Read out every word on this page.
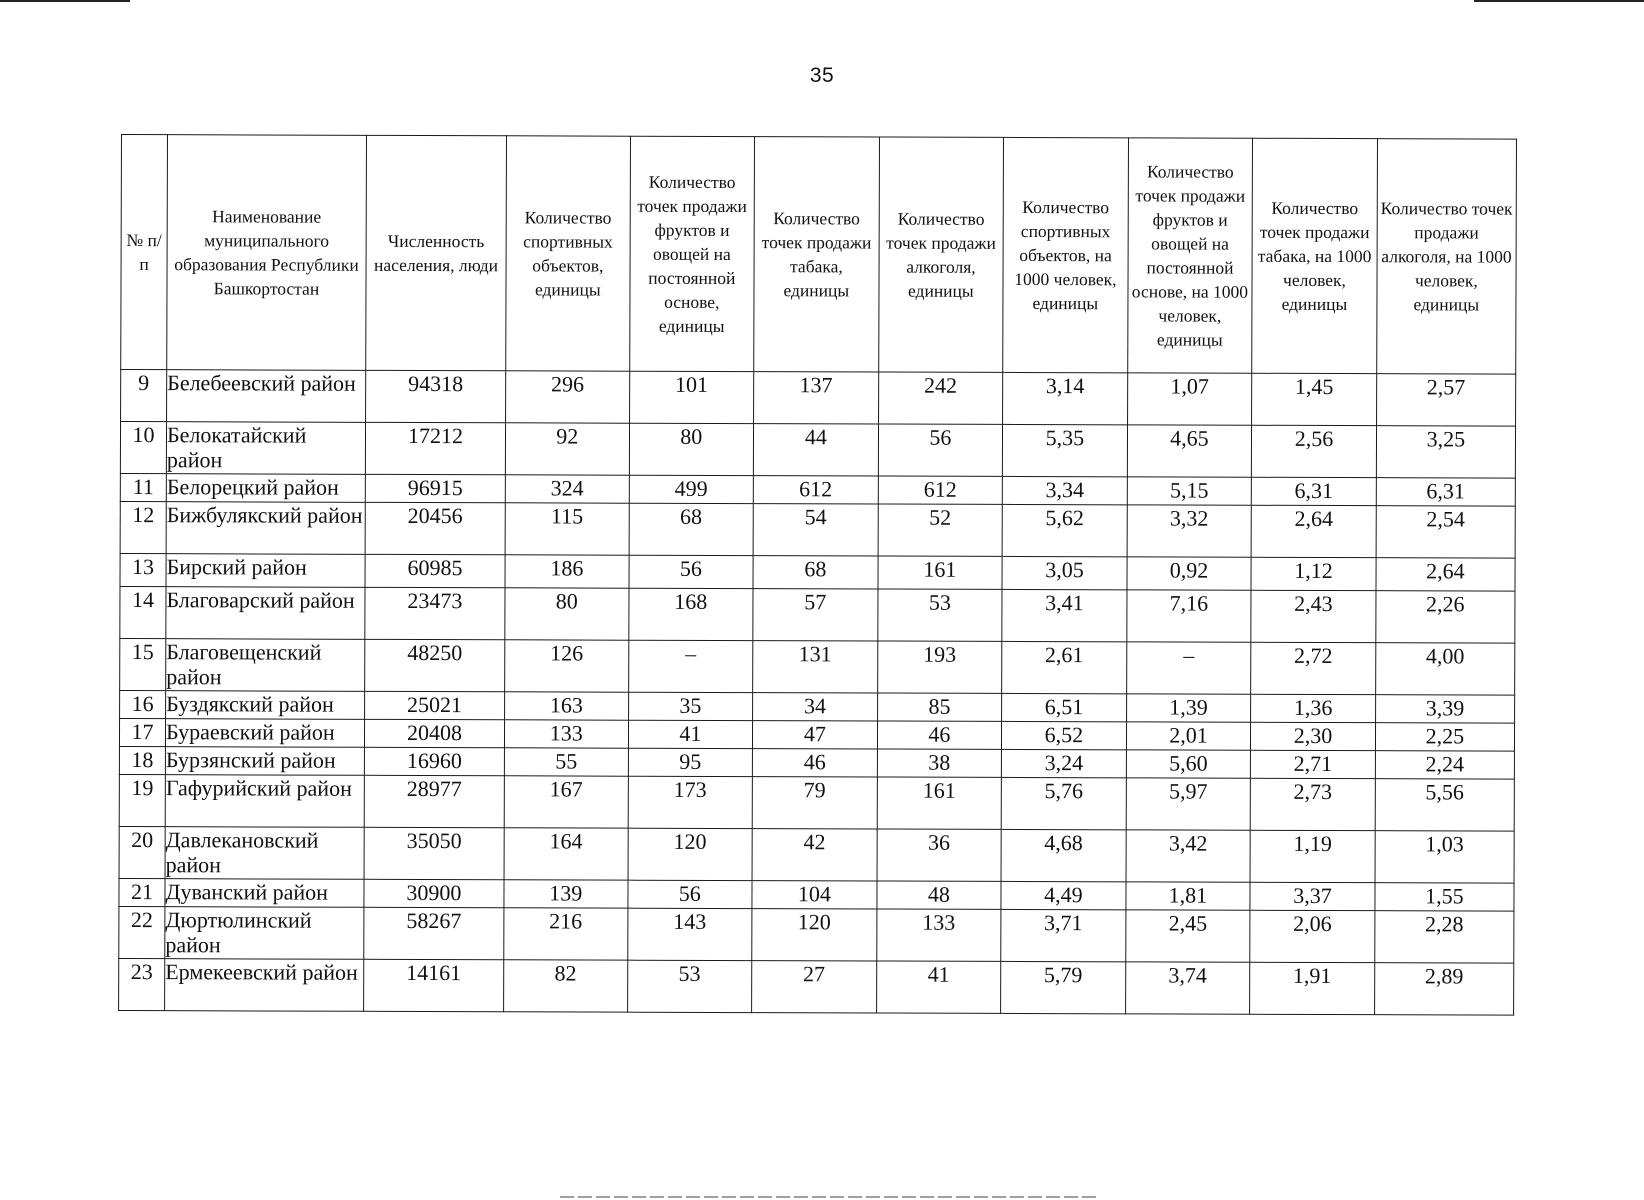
35
№ п/п	Наименование муниципального образования Республики Башкортостан	Численность населения, люди	Количество спортивных объектов, единицы	Количество точек продажи фруктов и овощей на постоянной основе, единицы	Количество точек продажи табака, единицы	Количество точек продажи алкоголя, единицы	Количество спортивных объектов, на 1000 человек, единицы	Количество точек продажи фруктов и овощей на постоянной основе, на 1000 человек, единицы	Количество точек продажи табака, на 1000 человек, единицы	Количество точек продажи алкоголя, на 1000 человек, единицы
9	Белебеевский район	94318	296	101	137	242	3,14	1,07	1,45	2,57
10	Белокатайский район	17212	92	80	44	56	5,35	4,65	2,56	3,25
11	Белорецкий район	96915	324	499	612	612	3,34	5,15	6,31	6,31
12	Бижбулякский район	20456	115	68	54	52	5,62	3,32	2,64	2,54
13	Бирский район	60985	186	56	68	161	3,05	0,92	1,12	2,64
14	Благоварский район	23473	80	168	57	53	3,41	7,16	2,43	2,26
15	Благовещенский район	48250	126	–	131	193	2,61	–	2,72	4,00
16	Буздякский район	25021	163	35	34	85	6,51	1,39	1,36	3,39
17	Бураевский район	20408	133	41	47	46	6,52	2,01	2,30	2,25
18	Бурзянский район	16960	55	95	46	38	3,24	5,60	2,71	2,24
19	Гафурийский район	28977	167	173	79	161	5,76	5,97	2,73	5,56
20	Давлекановский район	35050	164	120	42	36	4,68	3,42	1,19	1,03
21	Дуванский район	30900	139	56	104	48	4,49	1,81	3,37	1,55
22	Дюртюлинский район	58267	216	143	120	133	3,71	2,45	2,06	2,28
23	Ермекеевский район	14161	82	53	27	41	5,79	3,74	1,91	2,89
